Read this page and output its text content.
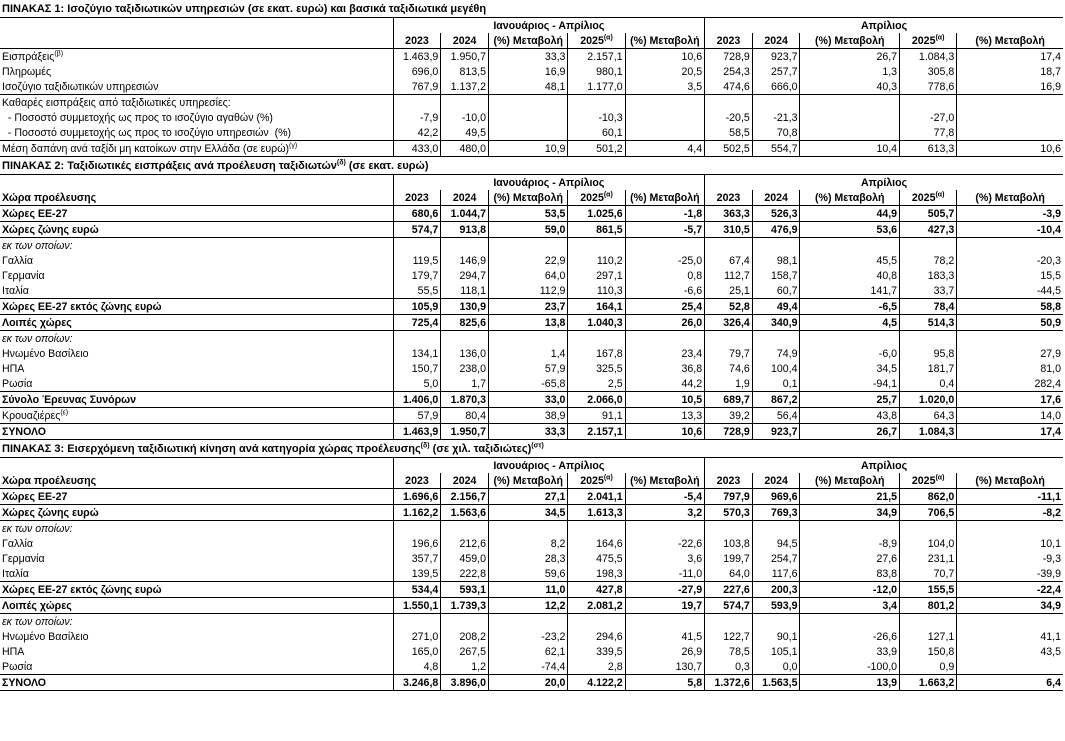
ΠΙΝΑΚΑΣ 1: Ισοζύγιο ταξιδιωτικών υπηρεσιών (σε εκατ. ευρώ) και βασικά ταξιδιωτικά μεγέθη										
	Ιανουάριος - Απρίλιος					Απρίλιος				
	2023	2024	(%) Μεταβολή	$2025^{(\alpha)}$	(%) Μεταβολή	2023	2024	(%) Μεταβολή	$2025^{(\alpha)}$	(%) Μεταβολή
Εισπράξεις$^{(\beta)}$	1.463,9	1.950,7	33,3	2.157,1	10,6	728,9	923,7	26,7	1.084,3	17,4
Πληρωμές	696,0	813,5	16,9	980,1	20,5	254,3	257,7	1,3	305,8	18,7
Ισοζύγιο ταξιδιωτικών υπηρεσιών	767,9	1.137,2	48,1	1.177,0	3,5	474,6	666,0	40,3	778,6	16,9
Καθαρές εισπράξεις από ταξιδιωτικές υπηρεσίες:										
- Ποσοστό συμμετοχής ως προς το ισοζύγιο αγαθών (%)	-7,9	-10,0		-10,3		-20,5	-21,3		-27,0	
- Ποσοστό συμμετοχής ως προς το ισοζύγιο υπηρεσιών  (%)	42,2	49,5		60,1		58,5	70,8		77,8	
Μέση δαπάνη ανά ταξίδι μη κατοίκων στην Ελλάδα (σε ευρώ)$^{(\gamma)}$	433,0	480,0	10,9	501,2	4,4	502,5	554,7	10,4	613,3	10,6
ΠΙΝΑΚΑΣ 2: Ταξιδιωτικές εισπράξεις ανά προέλευση ταξιδιωτών$^{(\delta)}$ (σε εκατ. ευρώ)										
	Ιανουάριος - Απρίλιος					Απρίλιος				
Χώρα προέλευσης	2023	2024	(%) Μεταβολή	$2025^{(\alpha)}$	(%) Μεταβολή	2023	2024	(%) Μεταβολή	$2025^{(\alpha)}$	(%) Μεταβολή
Χώρες ΕΕ-27	680,6	1.044,7	53,5	1.025,6	-1,8	363,3	526,3	44,9	505,7	-3,9
Χώρες ζώνης ευρώ	574,7	913,8	59,0	861,5	-5,7	310,5	476,9	53,6	427,3	-10,4
εκ των οποίων:										
Γαλλία	119,5	146,9	22,9	110,2	-25,0	67,4	98,1	45,5	78,2	-20,3
Γερμανία	179,7	294,7	64,0	297,1	0,8	112,7	158,7	40,8	183,3	15,5
Ιταλία	55,5	118,1	112,9	110,3	-6,6	25,1	60,7	141,7	33,7	-44,5
Χώρες ΕΕ-27 εκτός ζώνης ευρώ	105,9	130,9	23,7	164,1	25,4	52,8	49,4	-6,5	78,4	58,8
Λοιπές χώρες	725,4	825,6	13,8	1.040,3	26,0	326,4	340,9	4,5	514,3	50,9
εκ των οποίων:										
Ηνωμένο Βασίλειο	134,1	136,0	1,4	167,8	23,4	79,7	74,9	-6,0	95,8	27,9
ΗΠΑ	150,7	238,0	57,9	325,5	36,8	74,6	100,4	34,5	181,7	81,0
Ρωσία	5,0	1,7	-65,8	2,5	44,2	1,9	0,1	-94,1	0,4	282,4
Σύνολο Έρευνας Συνόρων	1.406,0	1.870,3	33,0	2.066,0	10,5	689,7	867,2	25,7	1.020,0	17,6
Κρουαζιέρες$^{(\varepsilon)}$	57,9	80,4	38,9	91,1	13,3	39,2	56,4	43,8	64,3	14,0
ΣΥΝΟΛΟ	1.463,9	1.950,7	33,3	2.157,1	10,6	728,9	923,7	26,7	1.084,3	17,4
ΠΙΝΑΚΑΣ 3: Εισερχόμενη ταξιδιωτική κίνηση ανά κατηγορία χώρας προέλευσης$^{(\delta)}$ (σε χιλ. ταξιδιώτες)$^{(\sigma\tau)}$
	Ιανουάριος - Απρίλιος					Απρίλιος				
Χώρα προέλευσης	2023	2024	(%) Μεταβολή	$2025^{(\alpha)}$	(%) Μεταβολή	2023	2024	(%) Μεταβολή	$2025^{(\alpha)}$	(%) Μεταβολή
Χώρες ΕΕ-27	1.696,6	2.156,7	27,1	2.041,1	-5,4	797,9	969,6	21,5	862,0	-11,1
Χώρες ζώνης ευρώ	1.162,2	1.563,6	34,5	1.613,3	3,2	570,3	769,3	34,9	706,5	-8,2
εκ των οποίων:										
Γαλλία	196,6	212,6	8,2	164,6	-22,6	103,8	94,5	-8,9	104,0	10,1
Γερμανία	357,7	459,0	28,3	475,5	3,6	199,7	254,7	27,6	231,1	-9,3
Ιταλία	139,5	222,8	59,6	198,3	-11,0	64,0	117,6	83,8	70,7	-39,9
Χώρες ΕΕ-27 εκτός ζώνης ευρώ	534,4	593,1	11,0	427,8	-27,9	227,6	200,3	-12,0	155,5	-22,4
Λοιπές χώρες	1.550,1	1.739,3	12,2	2.081,2	19,7	574,7	593,9	3,4	801,2	34,9
εκ των οποίων:										
Ηνωμένο Βασίλειο	271,0	208,2	-23,2	294,6	41,5	122,7	90,1	-26,6	127,1	41,1
ΗΠΑ	165,0	267,5	62,1	339,5	26,9	78,5	105,1	33,9	150,8	43,5
Ρωσία	4,8	1,2	-74,4	2,8	130,7	0,3	0,0	-100,0	0,9	
ΣΥΝΟΛΟ	3.246,8	3.896,0	20,0	4.122,2	5,8	1.372,6	1.563,5	13,9	1.663,2	6,4
